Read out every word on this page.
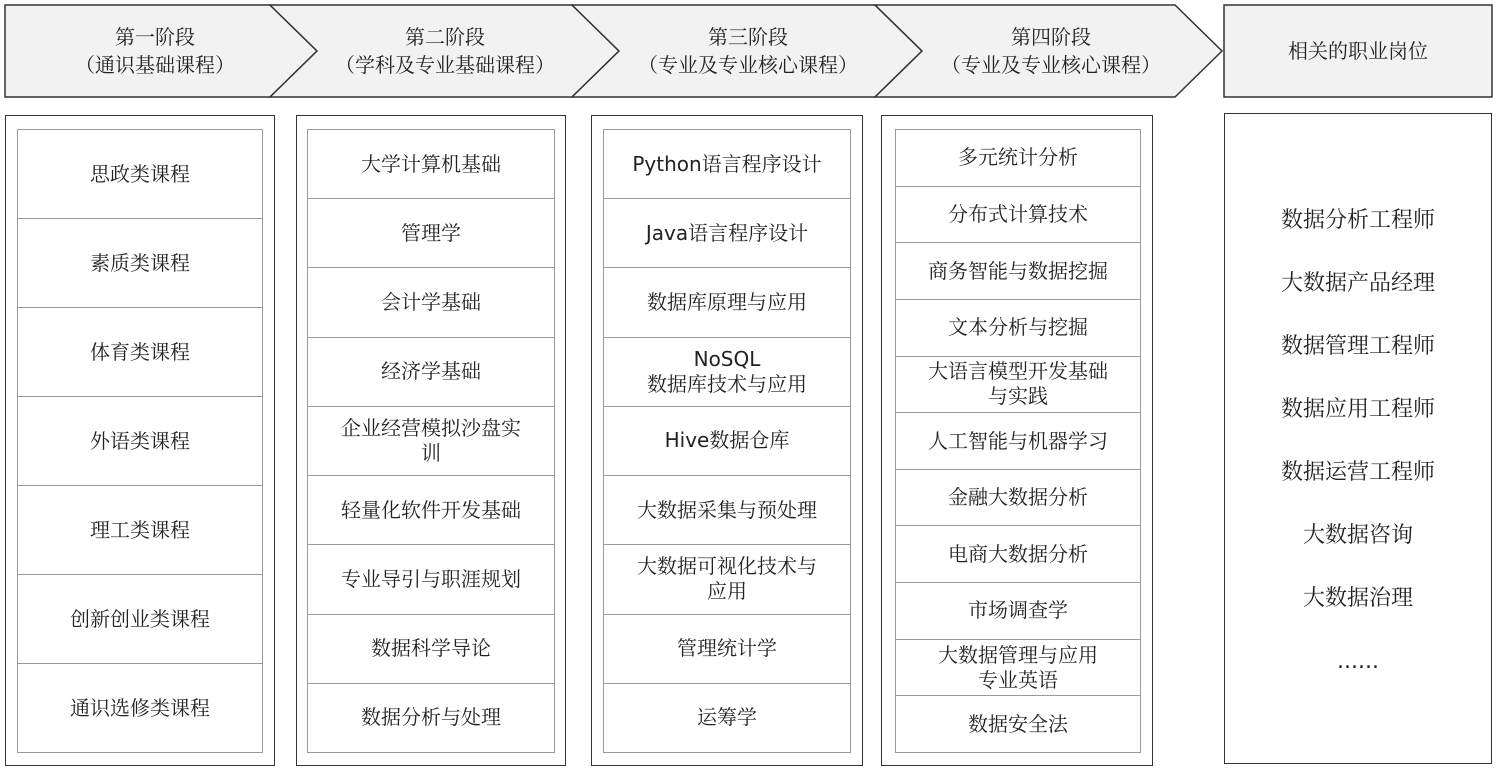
第一阶段
（通识基础课程）
第二阶段
（学科及专业基础课程）
第三阶段
（专业及专业核心课程）
第四阶段
（专业及专业核心课程）
相关的职业岗位
思政类课程
素质类课程
体育类课程
外语类课程
理工类课程
创新创业类课程
通识选修类课程
大学计算机基础
管理学
会计学基础
经济学基础
企业经营模拟沙盘实
训
轻量化软件开发基础
专业导引与职涯规划
数据科学导论
数据分析与处理
Python语言程序设计
Java语言程序设计
数据库原理与应用
NoSQL
数据库技术与应用
Hive数据仓库
大数据采集与预处理
大数据可视化技术与
应用
管理统计学
运筹学
多元统计分析
分布式计算技术
商务智能与数据挖掘
文本分析与挖掘
大语言模型开发基础
与实践
人工智能与机器学习
金融大数据分析
电商大数据分析
市场调查学
大数据管理与应用
专业英语
数据安全法
数据分析工程师
大数据产品经理
数据管理工程师
数据应用工程师
数据运营工程师
大数据咨询
大数据治理
......
